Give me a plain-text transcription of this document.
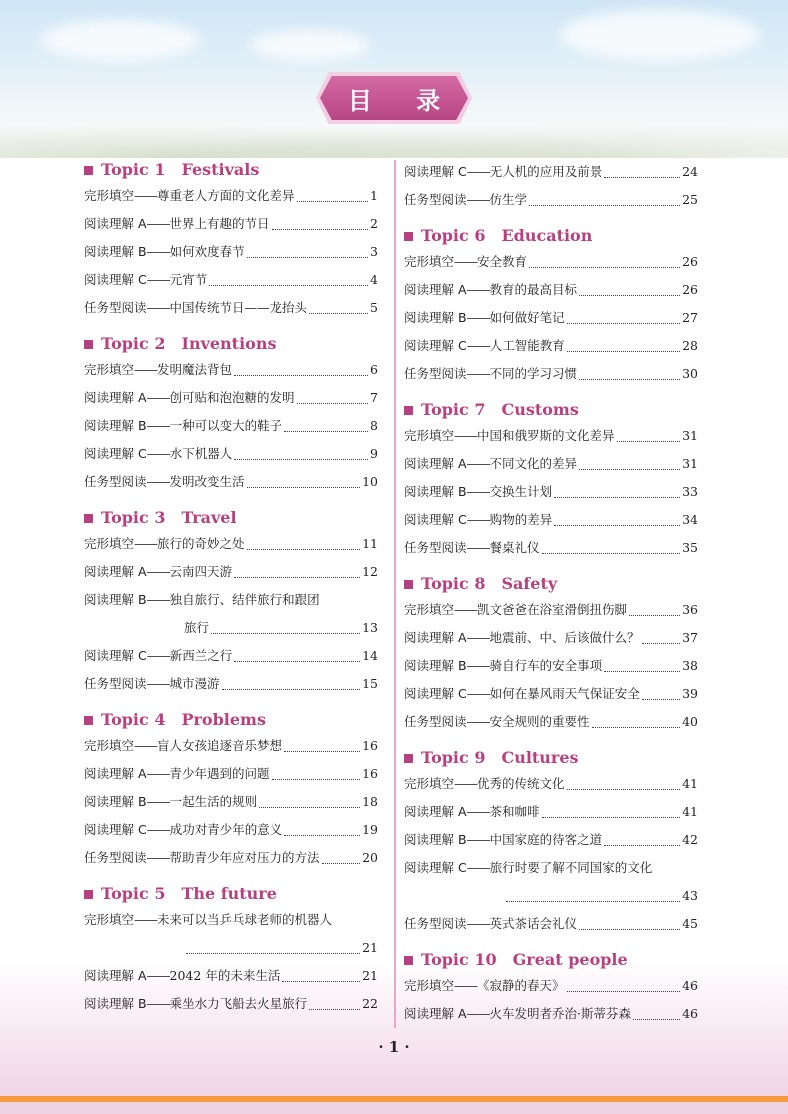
目 录
Topic 1 Festivals
完形填空 —— 尊重老人方面的文化差异	1
阅读理解 A —— 世界上有趣的节日	2
阅读理解 B —— 如何欢度春节	3
阅读理解 C —— 元宵节	4
任务型阅读 —— 中国传统节日——龙抬头	5
Topic 2 Inventions
完形填空 —— 发明魔法背包	6
阅读理解 A —— 创可贴和泡泡糖的发明	7
阅读理解 B —— 一种可以变大的鞋子	8
阅读理解 C —— 水下机器人	9
任务型阅读 —— 发明改变生活	10
Topic 3 Travel
完形填空 —— 旅行的奇妙之处	11
阅读理解 A —— 云南四天游	12
阅读理解 B —— 独自旅行、结伴旅行和跟团
旅行	13
阅读理解 C —— 新西兰之行	14
任务型阅读 —— 城市漫游	15
Topic 4 Problems
完形填空 —— 盲人女孩追逐音乐梦想	16
阅读理解 A —— 青少年遇到的问题	16
阅读理解 B —— 一起生活的规则	18
阅读理解 C —— 成功对青少年的意义	19
任务型阅读 —— 帮助青少年应对压力的方法	20
Topic 5 The future
完形填空 —— 未来可以当乒乓球老师的机器人
21
阅读理解 A —— 2042 年的未来生活	21
阅读理解 B —— 乘坐水力飞船去火星旅行	22
阅读理解 C —— 无人机的应用及前景	24
任务型阅读 —— 仿生学	25
Topic 6 Education
完形填空 —— 安全教育	26
阅读理解 A —— 教育的最高目标	26
阅读理解 B —— 如何做好笔记	27
阅读理解 C —— 人工智能教育	28
任务型阅读 —— 不同的学习习惯	30
Topic 7 Customs
完形填空 —— 中国和俄罗斯的文化差异	31
阅读理解 A —— 不同文化的差异	31
阅读理解 B —— 交换生计划	33
阅读理解 C —— 购物的差异	34
任务型阅读 —— 餐桌礼仪	35
Topic 8 Safety
完形填空 —— 凯文爸爸在浴室滑倒扭伤脚	36
阅读理解 A —— 地震前、中、后该做什么？	37
阅读理解 B —— 骑自行车的安全事项	38
阅读理解 C —— 如何在暴风雨天气保证安全	39
任务型阅读 —— 安全规则的重要性	40
Topic 9 Cultures
完形填空 —— 优秀的传统文化	41
阅读理解 A —— 茶和咖啡	41
阅读理解 B —— 中国家庭的待客之道	42
阅读理解 C —— 旅行时要了解不同国家的文化
43
任务型阅读 —— 英式茶话会礼仪	45
Topic 10 Great people
完形填空 —— 《寂静的春天》	46
阅读理解 A —— 火车发明者乔治·斯蒂芬森	46
· 1 ·
